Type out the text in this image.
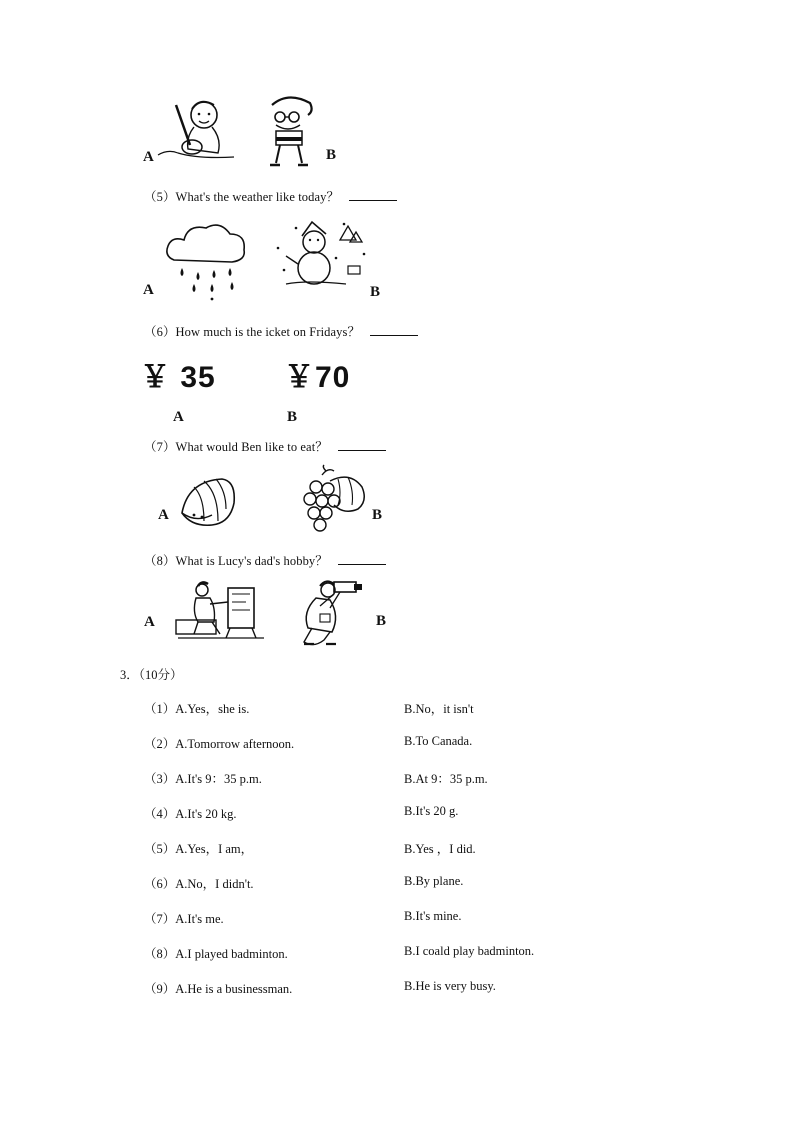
A	B
（5）What's the weather like today？
A	B
（6）How much is the icket on Fridays？
￥ 35 ￥70
A	B
（7）What would Ben like to eat？
A	B
（8）What is Lucy's dad's hobby？
A	B
3．（10分）
（1）A.Yes，she is.	B.No，it isn't
（2）A.Tomorrow afternoon.	B.To Canada.
（3）A.It's 9：35 p.m.	B.At 9：35 p.m.
（4）A.It's 20 kg.	B.It's 20 g.
（5）A.Yes，I am，	B.Yes ，I did.
（6）A.No，I didn't.	B.By plane.
（7）A.It's me.	B.It's mine.
（8）A.I played badminton.	B.I coald play badminton.
（9）A.He is a businessman.	B.He is very busy.
